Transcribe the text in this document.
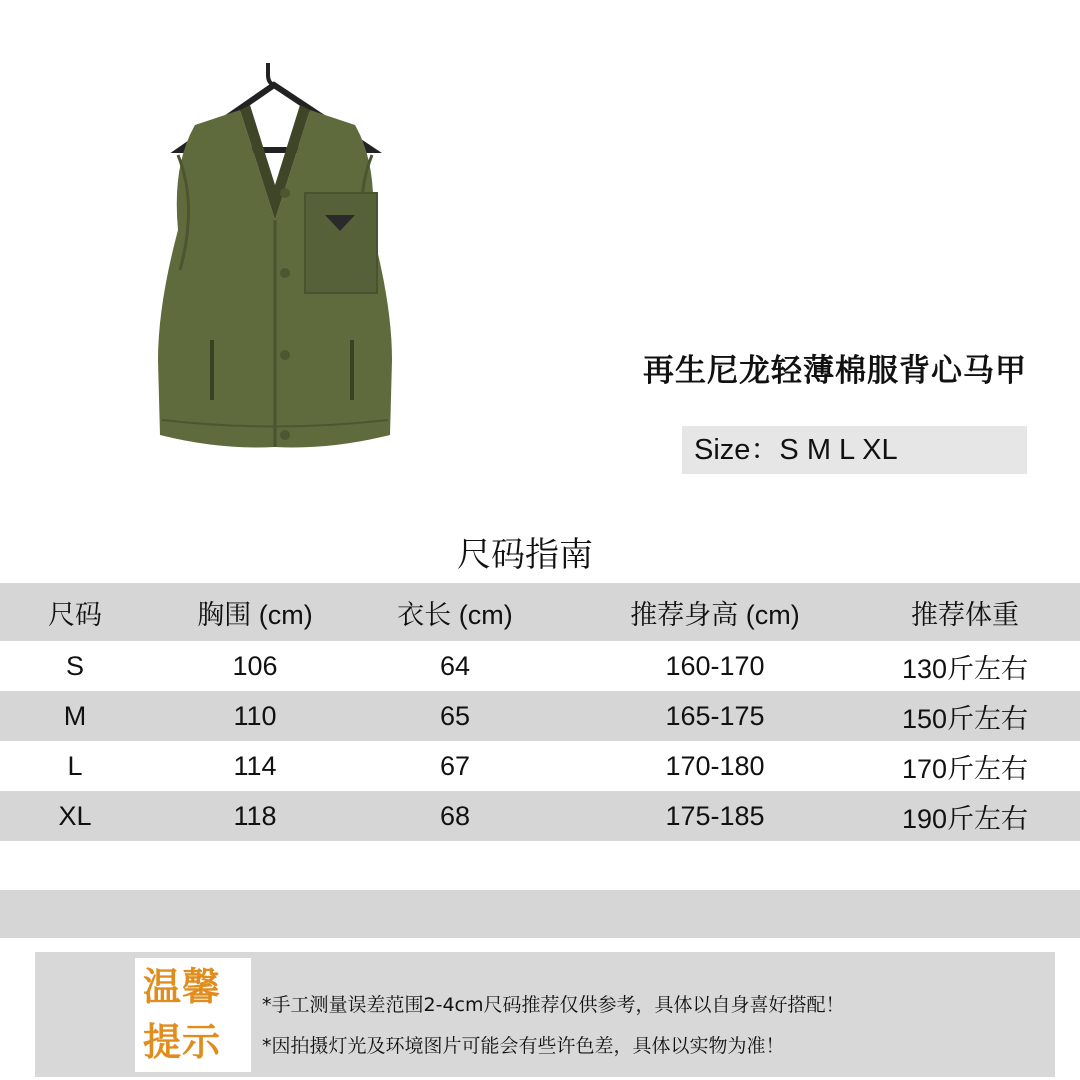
再生尼龙轻薄棉服背心马甲
Size：S M L XL
尺码指南
尺码	胸围 (cm)	衣长 (cm)	推荐身高 (cm)	推荐体重
S	106	64	160-170	130斤左右
M	110	65	165-175	150斤左右
L	114	67	170-180	170斤左右
XL	118	68	175-185	190斤左右
温馨
提示
*手工测量误差范围2-4cm尺码推荐仅供参考，具体以自身喜好搭配！
*因拍摄灯光及环境图片可能会有些许色差，具体以实物为准！
